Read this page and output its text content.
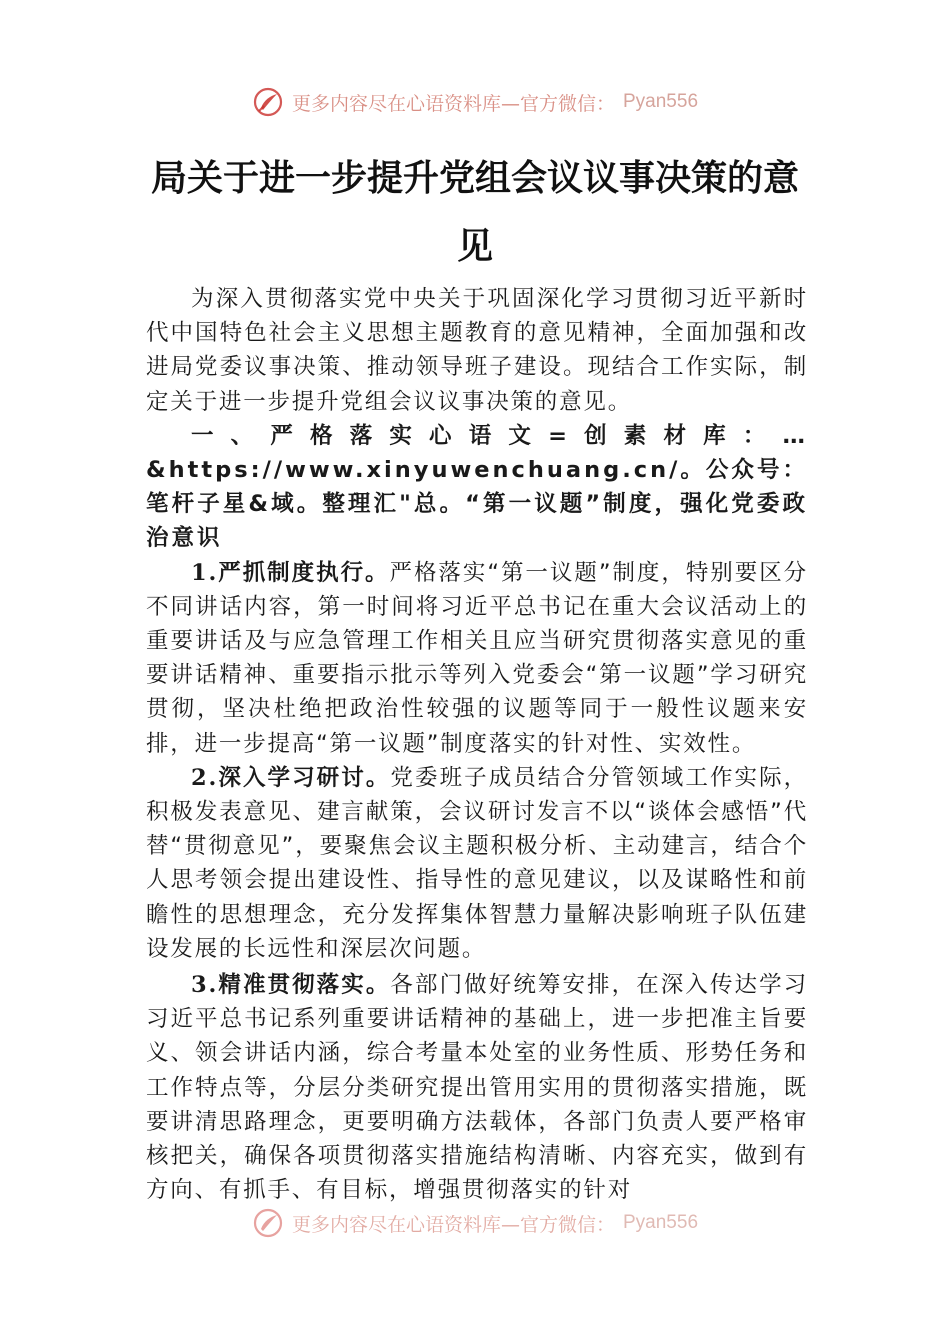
更多内容尽在心语资料库—官方微信： Pyan556
局关于进一步提升党组会议议事决策的意
见

为深入贯彻落实党中央关于巩固深化学习贯彻习近平新时代中国特色社会主义思想主题教育的意见精神，全面加强和改进局党委议事决策、推动领导班子建设。现结合工作实际，制定关于进一步提升党组会议议事决策的意见。

一、严格落实心语文=创素材库：…&https://www.xinyuwenchuang.cn/。公众号：笔杆子星&域。整理汇"总。“第一议题”制度，强化党委政治意识

1.严抓制度执行。严格落实“第一议题”制度，特别要区分不同讲话内容，第一时间将习近平总书记在重大会议活动上的重要讲话及与应急管理工作相关且应当研究贯彻落实意见的重要讲话精神、重要指示批示等列入党委会“第一议题”学习研究贯彻，坚决杜绝把政治性较强的议题等同于一般性议题来安排，进一步提高“第一议题”制度落实的针对性、实效性。

2.深入学习研讨。党委班子成员结合分管领域工作实际，积极发表意见、建言献策，会议研讨发言不以“谈体会感悟”代替“贯彻意见”，要聚焦会议主题积极分析、主动建言，结合个人思考领会提出建设性、指导性的意见建议，以及谋略性和前瞻性的思想理念，充分发挥集体智慧力量解决影响班子队伍建设发展的长远性和深层次问题。

3.精准贯彻落实。各部门做好统筹安排，在深入传达学习习近平总书记系列重要讲话精神的基础上，进一步把准主旨要义、领会讲话内涵，综合考量本处室的业务性质、形势任务和工作特点等，分层分类研究提出管用实用的贯彻落实措施，既要讲清思路理念，更要明确方法载体，各部门负责人要严格审核把关，确保各项贯彻落实措施结构清晰、内容充实，做到有方向、有抓手、有目标，增强贯彻落实的针对

更多内容尽在心语资料库—官方微信： Pyan556
